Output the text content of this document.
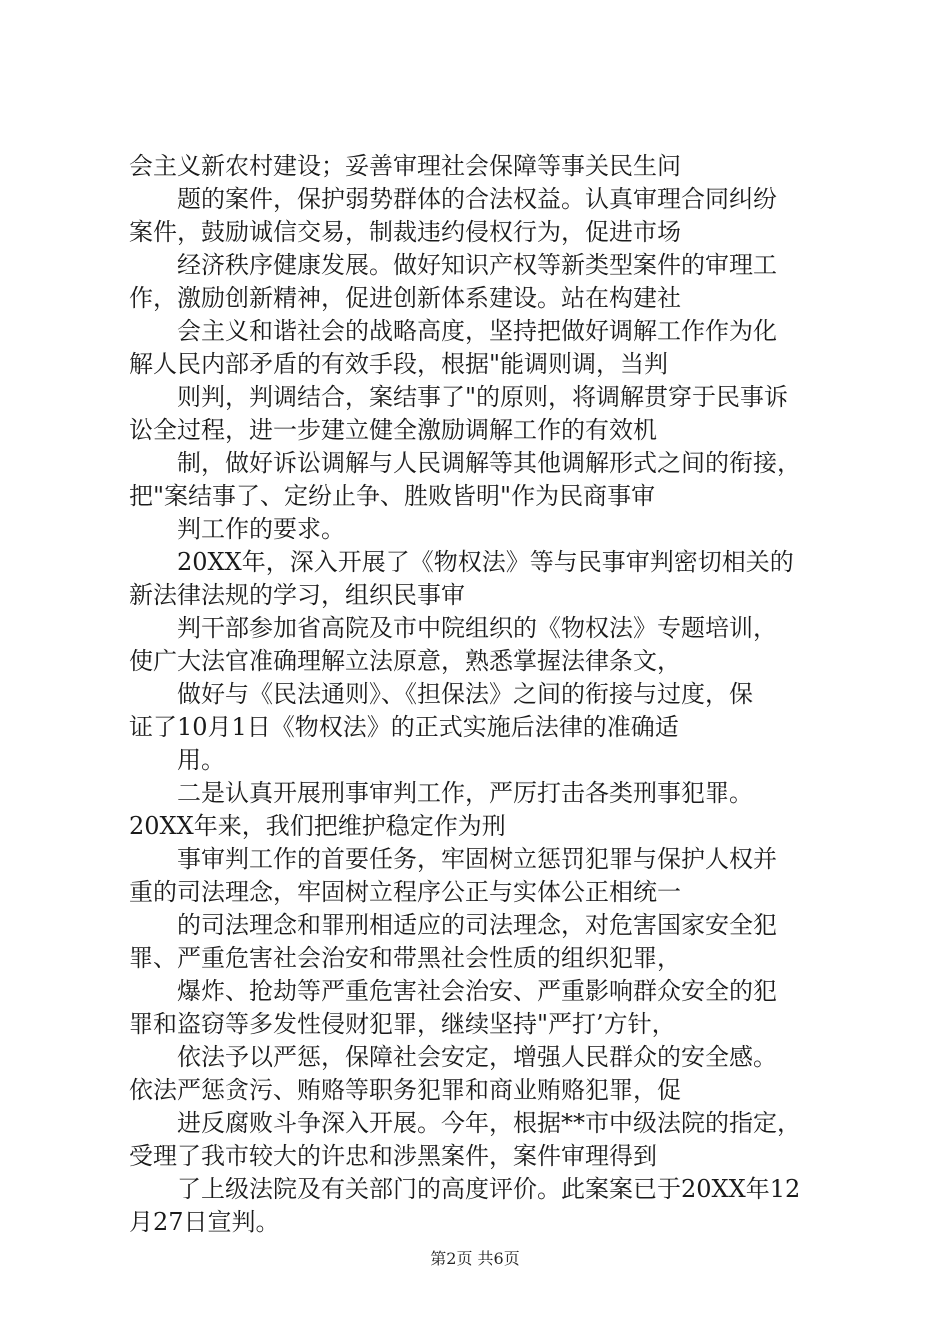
会主义新农村建设；妥善审理社会保障等事关民生问
题的案件，保护弱势群体的合法权益。认真审理合同纠纷
案件，鼓励诚信交易，制裁违约侵权行为，促进市场
经济秩序健康发展。做好知识产权等新类型案件的审理工
作，激励创新精神，促进创新体系建设。站在构建社
会主义和谐社会的战略高度，坚持把做好调解工作作为化
解人民内部矛盾的有效手段，根据"能调则调，当判
则判，判调结合，案结事了"的原则，将调解贯穿于民事诉
讼全过程，进一步建立健全激励调解工作的有效机
制，做好诉讼调解与人民调解等其他调解形式之间的衔接，
把"案结事了、定纷止争、胜败皆明"作为民商事审
判工作的要求。
20XX年，深入开展了《物权法》等与民事审判密切相关的
新法律法规的学习，组织民事审
判干部参加省高院及市中院组织的《物权法》专题培训，
使广大法官准确理解立法原意，熟悉掌握法律条文，
做好与《民法通则》、《担保法》之间的衔接与过度，保
证了10月1日《物权法》的正式实施后法律的准确适
用。
二是认真开展刑事审判工作，严厉打击各类刑事犯罪。
20XX年来，我们把维护稳定作为刑
事审判工作的首要任务，牢固树立惩罚犯罪与保护人权并
重的司法理念，牢固树立程序公正与实体公正相统一
的司法理念和罪刑相适应的司法理念，对危害国家安全犯
罪、严重危害社会治安和带黑社会性质的组织犯罪，
爆炸、抢劫等严重危害社会治安、严重影响群众安全的犯
罪和盗窃等多发性侵财犯罪，继续坚持"严打’方针，
依法予以严惩，保障社会安定，增强人民群众的安全感。
依法严惩贪污、贿赂等职务犯罪和商业贿赂犯罪，促
进反腐败斗争深入开展。今年，根据**市中级法院的指定，
受理了我市较大的许忠和涉黑案件，案件审理得到
了上级法院及有关部门的高度评价。此案案已于20XX年12
月27日宣判。
第2页 共6页
